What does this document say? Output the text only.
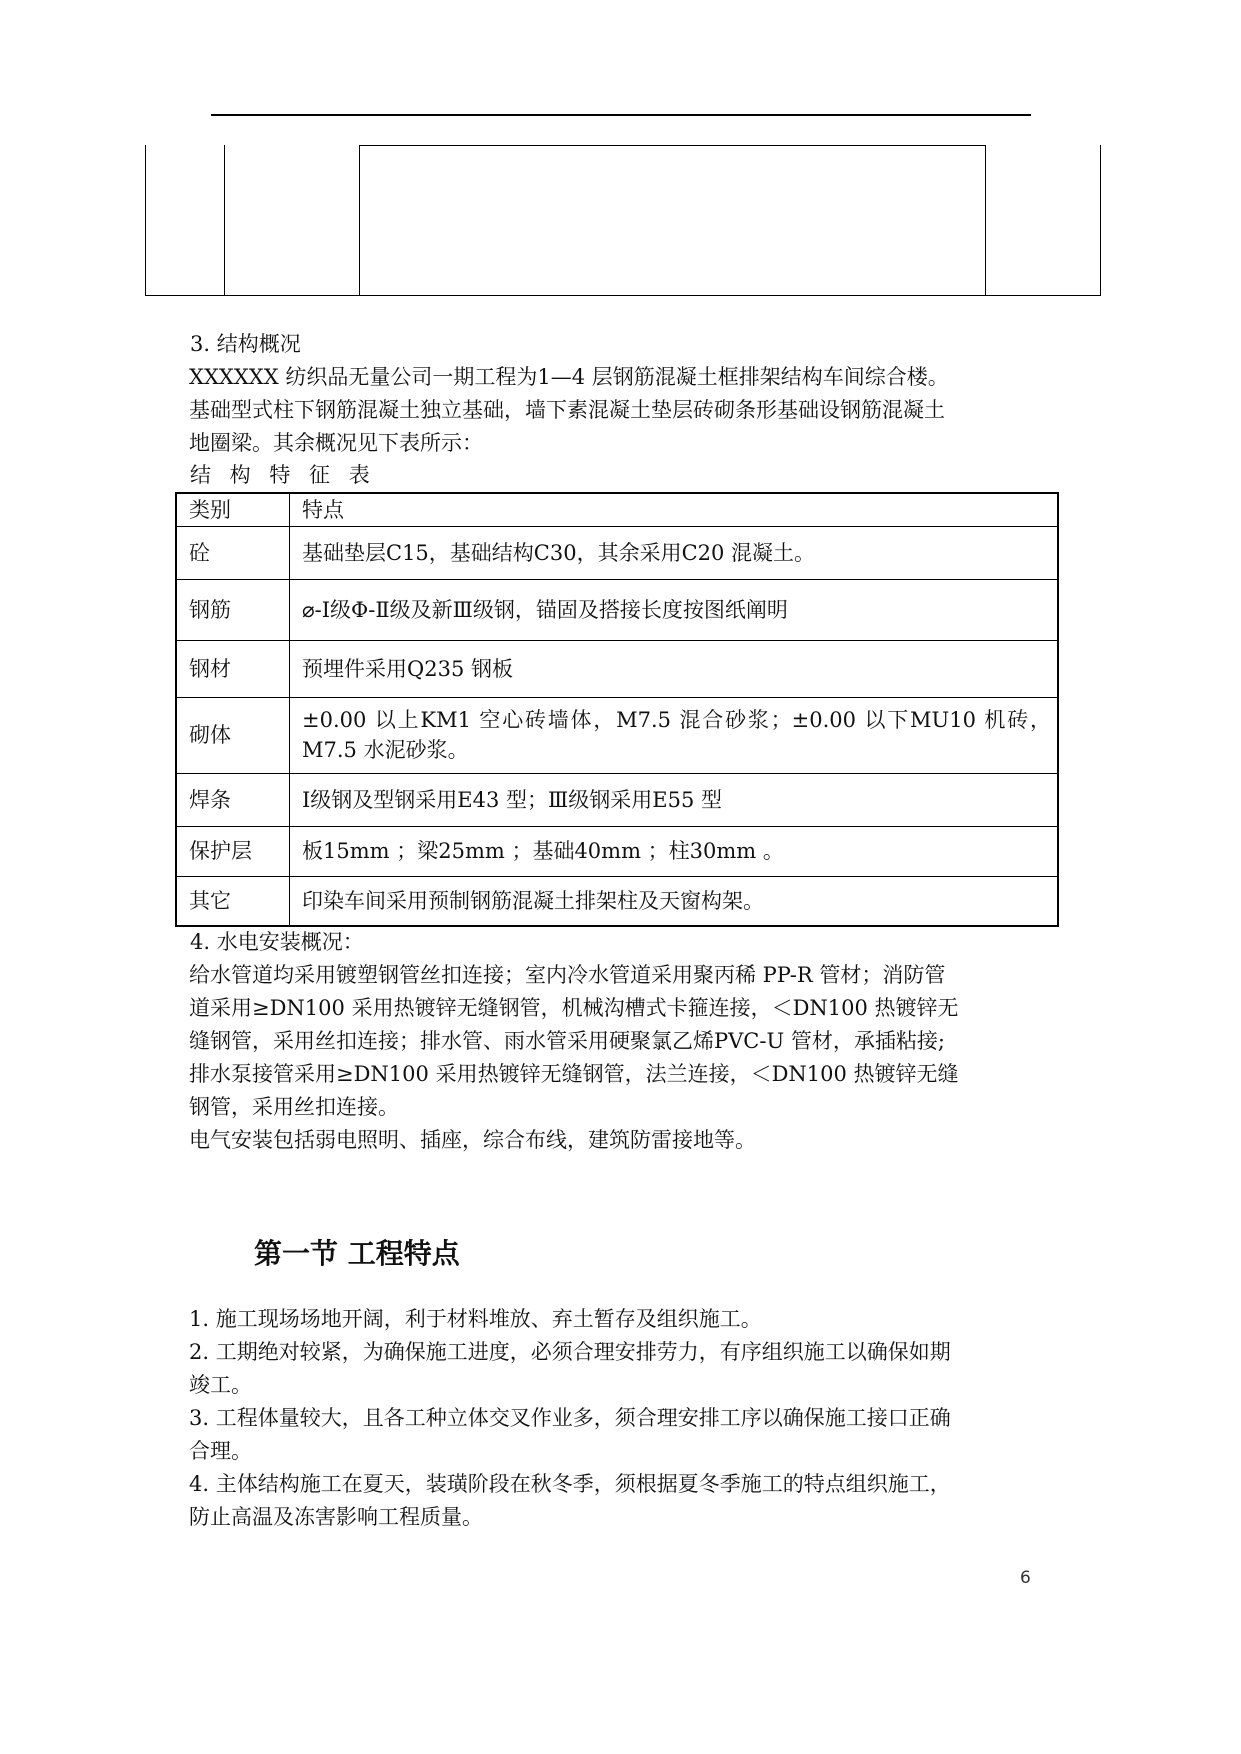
3. 结构概况

XXXXXX 纺织品无量公司一期工程为1—4 层钢筋混凝土框排架结构车间综合楼。
基础型式柱下钢筋混凝土独立基础，墙下素混凝土垫层砖砌条形基础设钢筋混凝土
地圈梁。其余概况见下表所示：

结 构 特 征 表

类别	特点
砼	基础垫层C15，基础结构C30，其余采用C20 混凝土。
钢筋	⌀-Ⅰ级Φ-Ⅱ级及新Ⅲ级钢，锚固及搭接长度按图纸阐明
钢材	预埋件采用Q235 钢板
砌体	±0.00 以上KM1 空心砖墙体，M7.5 混合砂浆；±0.00 以下MU10 机砖，M7.5 水泥砂浆。
焊条	Ⅰ级钢及型钢采用E43 型；Ⅲ级钢采用E55 型
保护层	板15mm ；梁25mm ；基础40mm ；柱30mm 。
其它	印染车间采用预制钢筋混凝土排架柱及天窗构架。

4. 水电安装概况：

给水管道均采用镀塑钢管丝扣连接；室内冷水管道采用聚丙稀 PP-R 管材；消防管
道采用≥DN100 采用热镀锌无缝钢管，机械沟槽式卡箍连接，＜DN100 热镀锌无
缝钢管，采用丝扣连接；排水管、雨水管采用硬聚氯乙烯PVC-U 管材，承插粘接;
排水泵接管采用≥DN100 采用热镀锌无缝钢管，法兰连接，＜DN100 热镀锌无缝
钢管，采用丝扣连接。
电气安装包括弱电照明、插座，综合布线，建筑防雷接地等。
第一节 工程特点
1. 施工现场场地开阔，利于材料堆放、弃土暂存及组织施工。
2. 工期绝对较紧，为确保施工进度，必须合理安排劳力，有序组织施工以确保如期
竣工。
3. 工程体量较大，且各工种立体交叉作业多，须合理安排工序以确保施工接口正确
合理。
4. 主体结构施工在夏天，装璜阶段在秋冬季，须根据夏冬季施工的特点组织施工，
防止高温及冻害影响工程质量。
6
